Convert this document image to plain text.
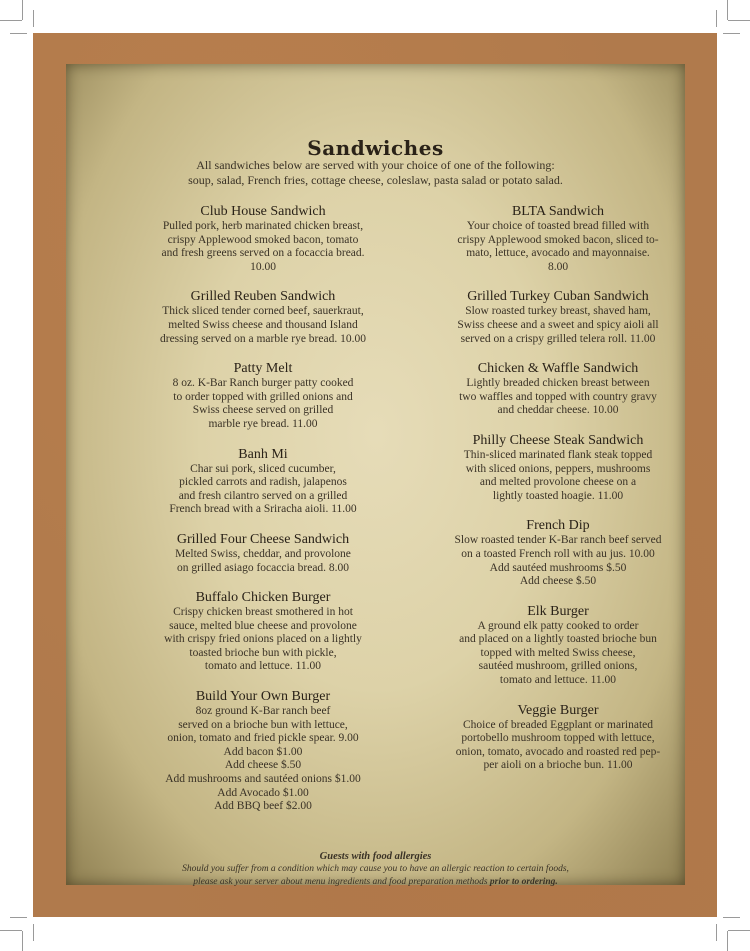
Sandwiches
All sandwiches below are served with your choice of one of the following:
soup, salad, French fries, cottage cheese, coleslaw, pasta salad or potato salad.
Club House Sandwich
Pulled pork, herb marinated chicken breast,
crispy Applewood smoked bacon, tomato
and fresh greens served on a focaccia bread.
10.00
Grilled Reuben Sandwich
Thick sliced tender corned beef, sauerkraut,
melted Swiss cheese and thousand Island
dressing served on a marble rye bread. 10.00
Patty Melt
8 oz. K-Bar Ranch burger patty cooked
to order topped with grilled onions and
Swiss cheese served on grilled
marble rye bread. 11.00
Banh Mi
Char sui pork, sliced cucumber,
pickled carrots and radish, jalapenos
and fresh cilantro served on a grilled
French bread with a Sriracha aioli. 11.00
Grilled Four Cheese Sandwich
Melted Swiss, cheddar, and provolone
on grilled asiago focaccia bread. 8.00
Buffalo Chicken Burger
Crispy chicken breast smothered in hot
sauce, melted blue cheese and provolone
with crispy fried onions placed on a lightly
toasted brioche bun with pickle,
tomato and lettuce. 11.00
Build Your Own Burger
8oz ground K-Bar ranch beef
served on a brioche bun with lettuce,
onion, tomato and fried pickle spear. 9.00
Add bacon $1.00
Add cheese $.50
Add mushrooms and sautéed onions $1.00
Add Avocado $1.00
Add BBQ beef $2.00
BLTA Sandwich
Your choice of toasted bread filled with
crispy Applewood smoked bacon, sliced to-
mato, lettuce, avocado and mayonnaise.
8.00
Grilled Turkey Cuban Sandwich
Slow roasted turkey breast, shaved ham,
Swiss cheese and a sweet and spicy aioli all
served on a crispy grilled telera roll. 11.00
Chicken & Waffle Sandwich
Lightly breaded chicken breast between
two waffles and topped with country gravy
and cheddar cheese. 10.00
Philly Cheese Steak Sandwich
Thin-sliced marinated flank steak topped
with sliced onions, peppers, mushrooms
and melted provolone cheese on a
lightly toasted hoagie. 11.00
French Dip
Slow roasted tender K-Bar ranch beef served
on a toasted French roll with au jus. 10.00
Add sautéed mushrooms $.50
Add cheese $.50
Elk Burger
A ground elk patty cooked to order
and placed on a lightly toasted brioche bun
topped with melted Swiss cheese,
sautéed mushroom, grilled onions,
tomato and lettuce. 11.00
Veggie Burger
Choice of breaded Eggplant or marinated
portobello mushroom topped with lettuce,
onion, tomato, avocado and roasted red pep-
per aioli on a brioche bun. 11.00
Guests with food allergies
Should you suffer from a condition which may cause you to have an allergic reaction to certain foods,
please ask your server about menu ingredients and food preparation methods prior to ordering.
